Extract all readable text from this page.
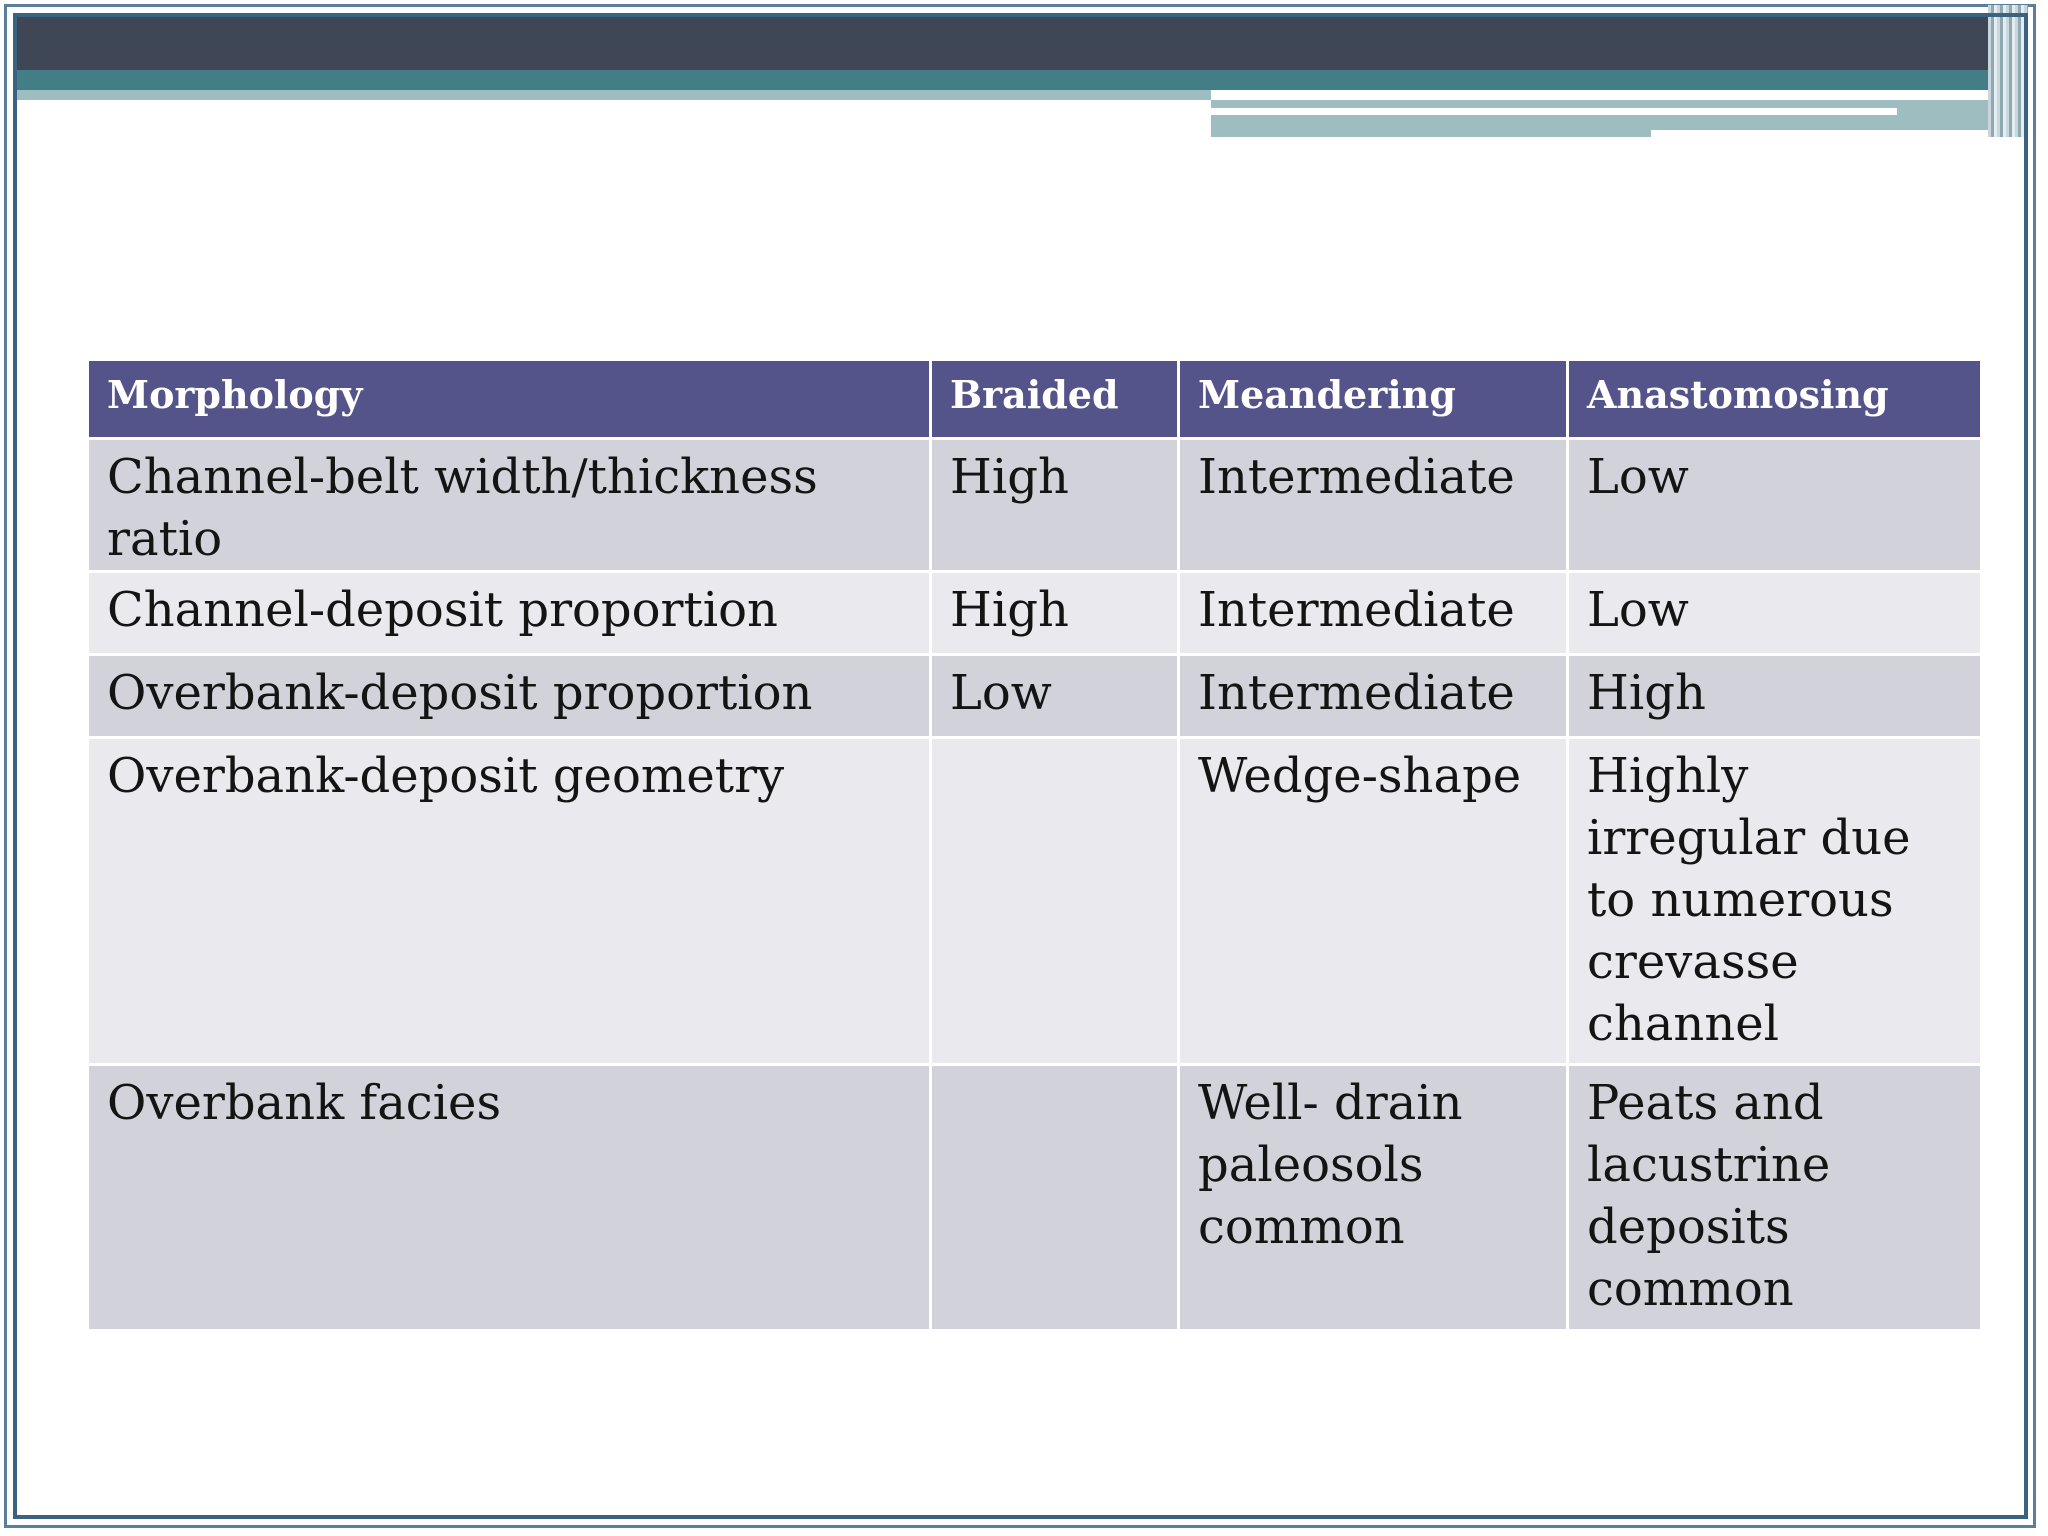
Morphology	Braided	Meandering	Anastomosing
Channel-belt width/thickness ratio	High	Intermediate	Low
Channel-deposit proportion	High	Intermediate	Low
Overbank-deposit proportion	Low	Intermediate	High
Overbank-deposit geometry		Wedge-shape	Highly irregular due to numerous crevasse channel
Overbank facies		Well- drain paleosols common	Peats and lacustrine deposits common
